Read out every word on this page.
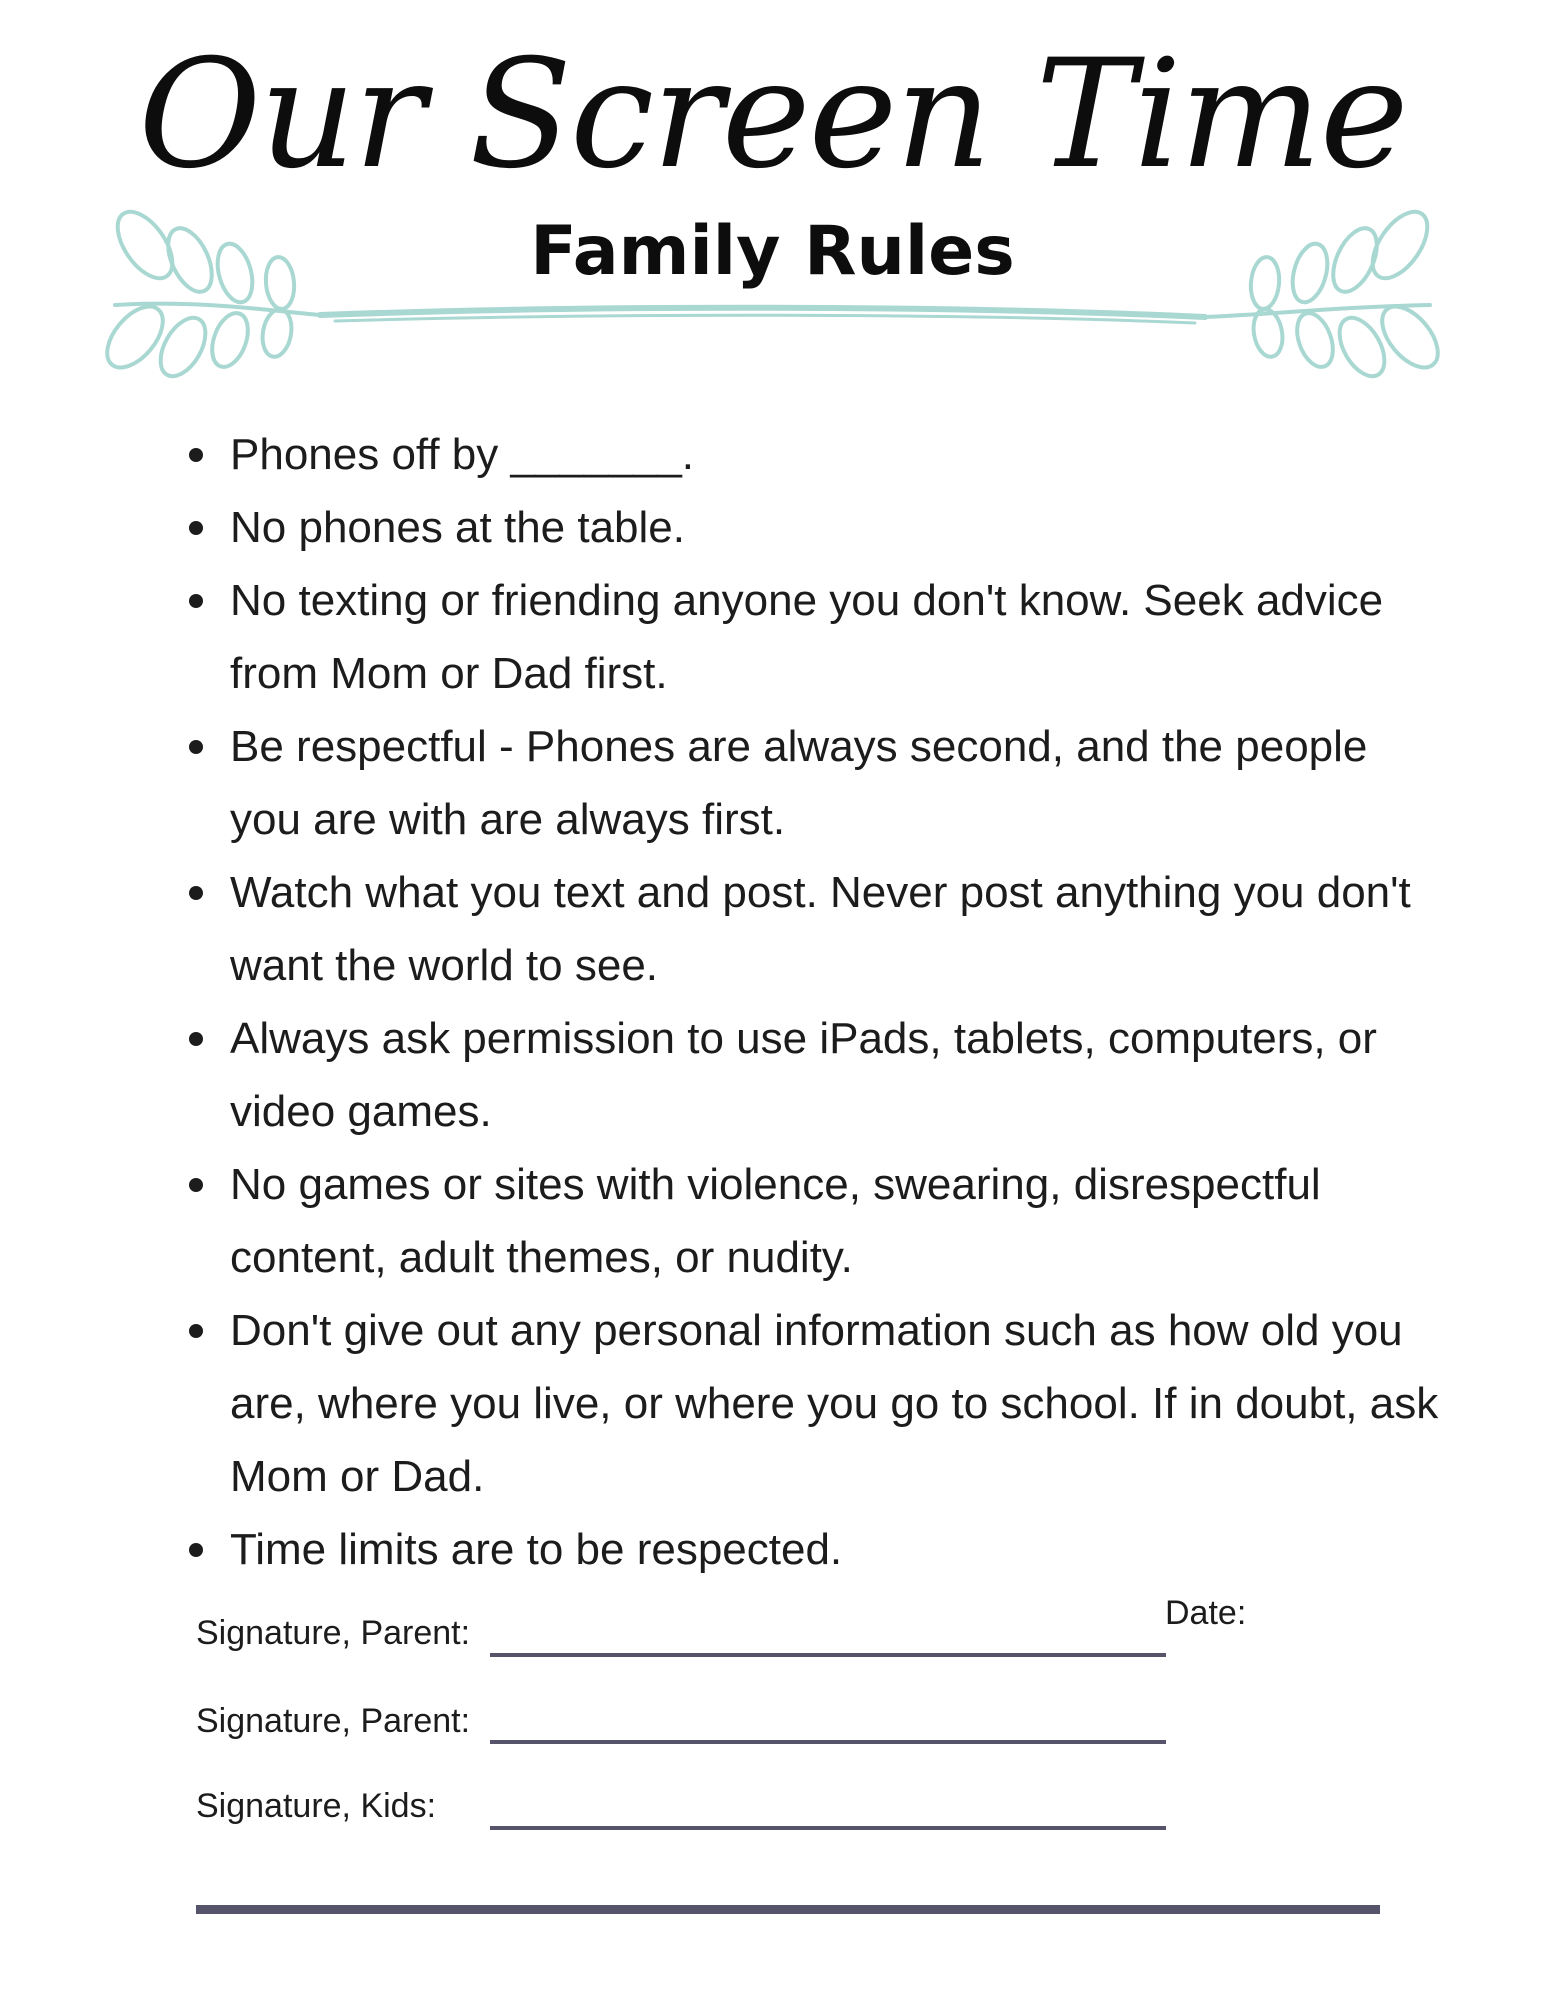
Our Screen Time
Family Rules
Phones off by _______.
No phones at the table.
No texting or friending anyone you don't know. Seek advice from Mom or Dad first.
Be respectful - Phones are always second, and the people you are with are always first.
Watch what you text and post. Never post anything you don't want the world to see.
Always ask permission to use iPads, tablets, computers, or video games.
No games or sites with violence, swearing, disrespectful content, adult themes, or nudity.
Don't give out any personal information such as how old you are, where you live, or where you go to school. If in doubt, ask Mom or Dad.
Time limits are to be respected.
Signature, Parent:
Date:
Signature, Parent:
Signature, Kids:
